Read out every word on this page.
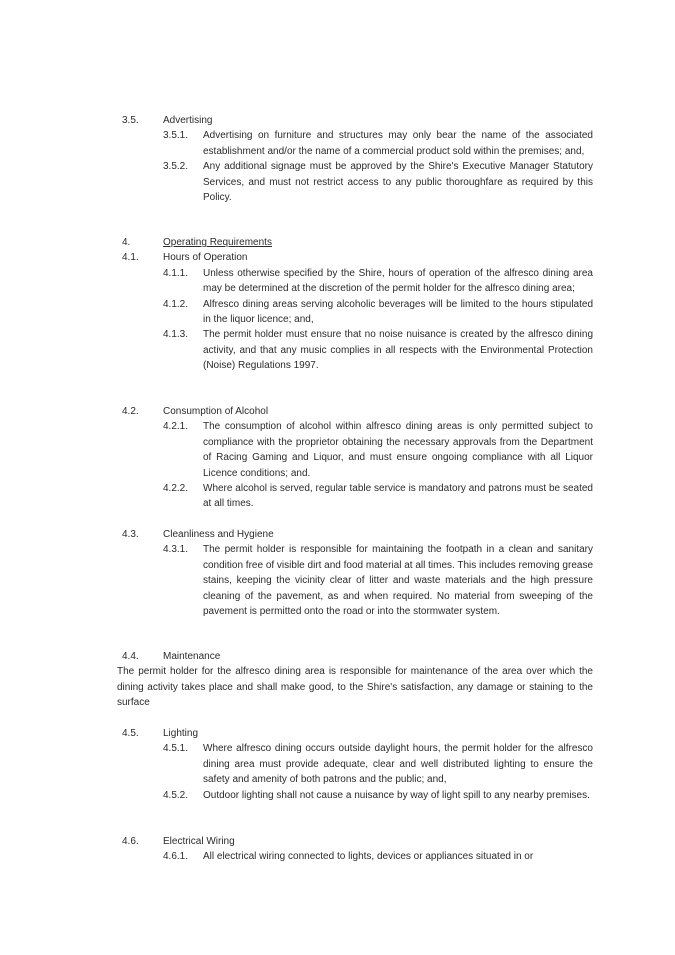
3.5. Advertising
3.5.1. Advertising on furniture and structures may only bear the name of the associated establishment and/or the name of a commercial product sold within the premises; and,
3.5.2. Any additional signage must be approved by the Shire's Executive Manager Statutory Services, and must not restrict access to any public thoroughfare as required by this Policy.
4.	Operating Requirements
4.1. Hours of Operation
4.1.1. Unless otherwise specified by the Shire, hours of operation of the alfresco dining area may be determined at the discretion of the permit holder for the alfresco dining area;
4.1.2. Alfresco dining areas serving alcoholic beverages will be limited to the hours stipulated in the liquor licence; and,
4.1.3. The permit holder must ensure that no noise nuisance is created by the alfresco dining activity, and that any music complies in all respects with the Environmental Protection (Noise) Regulations 1997.
4.2. Consumption of Alcohol
4.2.1. The consumption of alcohol within alfresco dining areas is only permitted subject to compliance with the proprietor obtaining the necessary approvals from the Department of Racing Gaming and Liquor, and must ensure ongoing compliance with all Liquor Licence conditions; and.
4.2.2. Where alcohol is served, regular table service is mandatory and patrons must be seated at all times.
4.3. Cleanliness and Hygiene
4.3.1. The permit holder is responsible for maintaining the footpath in a clean and sanitary condition free of visible dirt and food material at all times. This includes removing grease stains, keeping the vicinity clear of litter and waste materials and the high pressure cleaning of the pavement, as and when required. No material from sweeping of the pavement is permitted onto the road or into the stormwater system.
4.4. Maintenance
The permit holder for the alfresco dining area is responsible for maintenance of the area over which the dining activity takes place and shall make good, to the Shire's satisfaction, any damage or staining to the surface
4.5. Lighting
4.5.1. Where alfresco dining occurs outside daylight hours, the permit holder for the alfresco dining area must provide adequate, clear and well distributed lighting to ensure the safety and amenity of both patrons and the public; and,
4.5.2. Outdoor lighting shall not cause a nuisance by way of light spill to any nearby premises.
4.6. Electrical Wiring
4.6.1. All electrical wiring connected to lights, devices or appliances situated in or
